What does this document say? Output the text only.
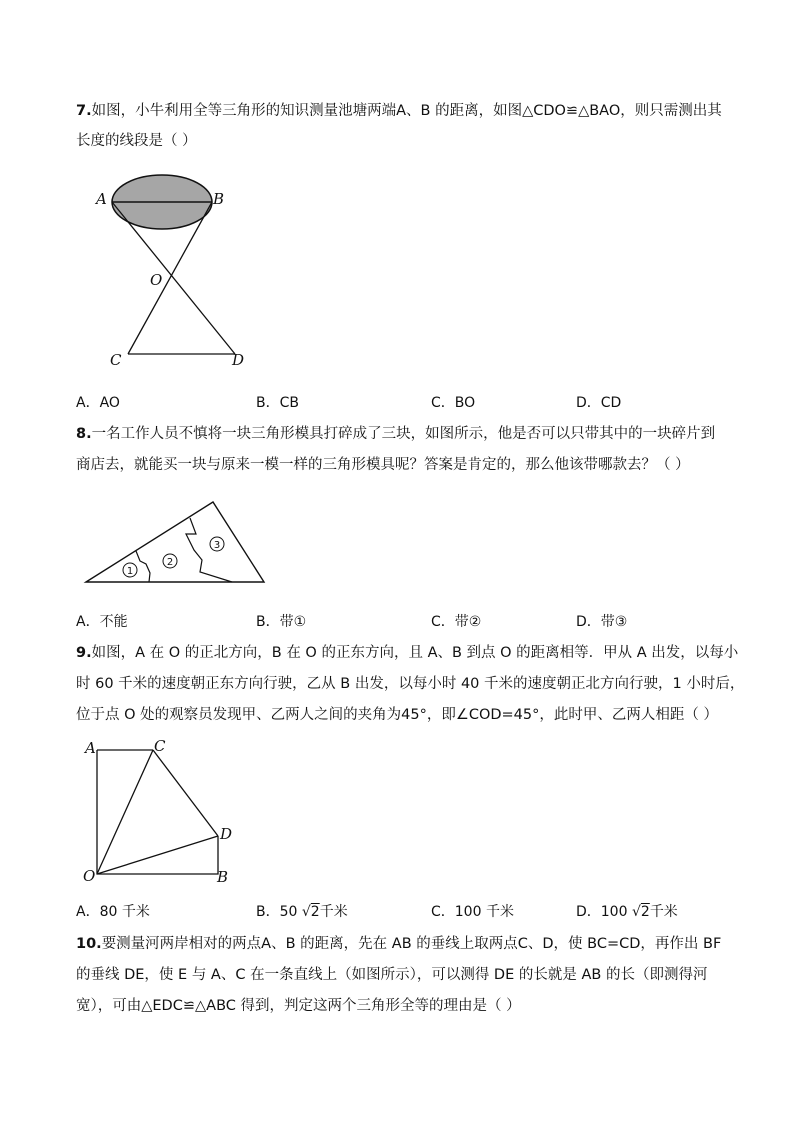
7.如图，小牛利用全等三角形的知识测量池塘两端A、B 的距离，如图△CDO≌△BAO，则只需测出其
长度的线段是（ ）
A	B
O
C	D
A．AO	B．CB	C．BO	D．CD
8.一名工作人员不慎将一块三角形模具打碎成了三块，如图所示，他是否可以只带其中的一块碎片到
商店去，就能买一块与原来一模一样的三角形模具呢？答案是肯定的，那么他该带哪款去？（ ）
1
2
3
A．不能	B．带①	C．带②	D．带③
9.如图，A 在 O 的正北方向，B 在 O 的正东方向，且 A、B 到点 O 的距离相等．甲从 A 出发，以每小
时 60 千米的速度朝正东方向行驶，乙从 B 出发，以每小时 40 千米的速度朝正北方向行驶，1 小时后，
位于点 O 处的观察员发现甲、乙两人之间的夹角为45°，即∠COD=45°，此时甲、乙两人相距（ ）
A	C
D
O	B
A．80 千米	B．50 √2千米	C．100 千米	D．100 √2千米
10.要测量河两岸相对的两点A、B 的距离，先在 AB 的垂线上取两点C、D，使 BC=CD，再作出 BF
的垂线 DE，使 E 与 A、C 在一条直线上（如图所示），可以测得 DE 的长就是 AB 的长（即测得河
宽），可由△EDC≌△ABC 得到，判定这两个三角形全等的理由是（ ）
